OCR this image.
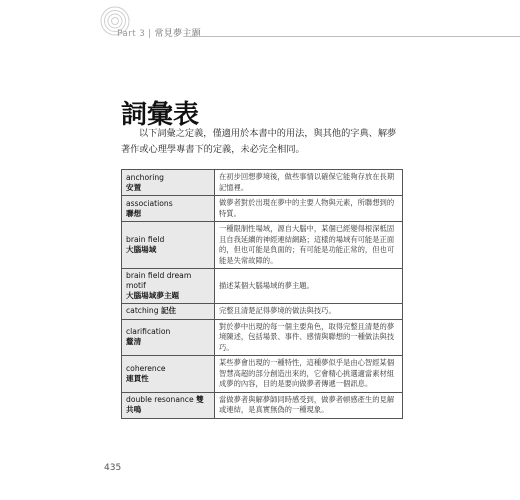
Part 3 | 常見夢主題
詞彙表

以下詞彙之定義，僅適用於本書中的用法，與其他的字典、解夢著作或心理學專書下的定義，未必完全相同。

anchoring
安置	在初步回想夢境後，做些事情以確保它能夠存放在長期記憶裡。
associations
聯想	做夢者對於出現在夢中的主要人物與元素，所聯想到的特質。
brain field
大腦場域	一種限制性場域，源自大腦中，某個已經變得根深柢固且自我延續的神經連結網路；這樣的場域有可能是正面的，但也可能是負面的；有可能是功能正常的，但也可能是失常故障的。
brain field dream motif
大腦場域夢主題	描述某個大腦場域的夢主題。
catching 記住	完整且清楚記得夢境的做法與技巧。
clarification
釐清	對於夢中出現的每一個主要角色，取得完整且清楚的夢境陳述，包括場景、事件、感情與聯想的一種做法與技巧。
coherence
連貫性	某些夢會出現的一種特性，這種夢似乎是由心智經某個智慧高超的部分創造出來的，它會精心挑選適當素材組成夢的內容，目的是要向做夢者傳遞一個訊息。
double resonance 雙共鳴	當做夢者與解夢師同時感受到，做夢者頓感產生的見解或連結，是真實無偽的一種現象。
435
